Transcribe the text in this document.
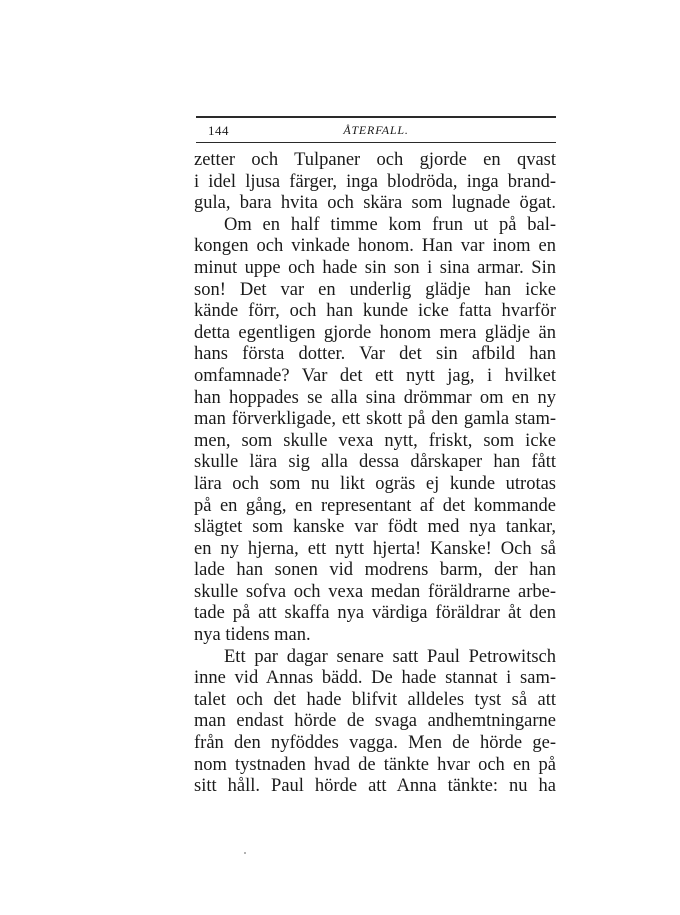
144	ÅTERFALL.
zetter och Tulpaner och gjorde en qvast
i idel ljusa färger, inga blodröda, inga brand-
gula, bara hvita och skära som lugnade ögat.
Om en half timme kom frun ut på bal-
kongen och vinkade honom. Han var inom en
minut uppe och hade sin son i sina armar. Sin
son! Det var en underlig glädje han icke
kände förr, och han kunde icke fatta hvarför
detta egentligen gjorde honom mera glädje än
hans första dotter. Var det sin afbild han
omfamnade? Var det ett nytt jag, i hvilket
han hoppades se alla sina drömmar om en ny
man förverkligade, ett skott på den gamla stam-
men, som skulle vexa nytt, friskt, som icke
skulle lära sig alla dessa dårskaper han fått
lära och som nu likt ogräs ej kunde utrotas
på en gång, en representant af det kommande
slägtet som kanske var födt med nya tankar,
en ny hjerna, ett nytt hjerta! Kanske! Och så
lade han sonen vid modrens barm, der han
skulle sofva och vexa medan föräldrarne arbe-
tade på att skaffa nya värdiga föräldrar åt den
nya tidens man.
Ett par dagar senare satt Paul Petrowitsch
inne vid Annas bädd. De hade stannat i sam-
talet och det hade blifvit alldeles tyst så att
man endast hörde de svaga andhemtningarne
från den nyföddes vagga. Men de hörde ge-
nom tystnaden hvad de tänkte hvar och en på
sitt håll. Paul hörde att Anna tänkte: nu ha
